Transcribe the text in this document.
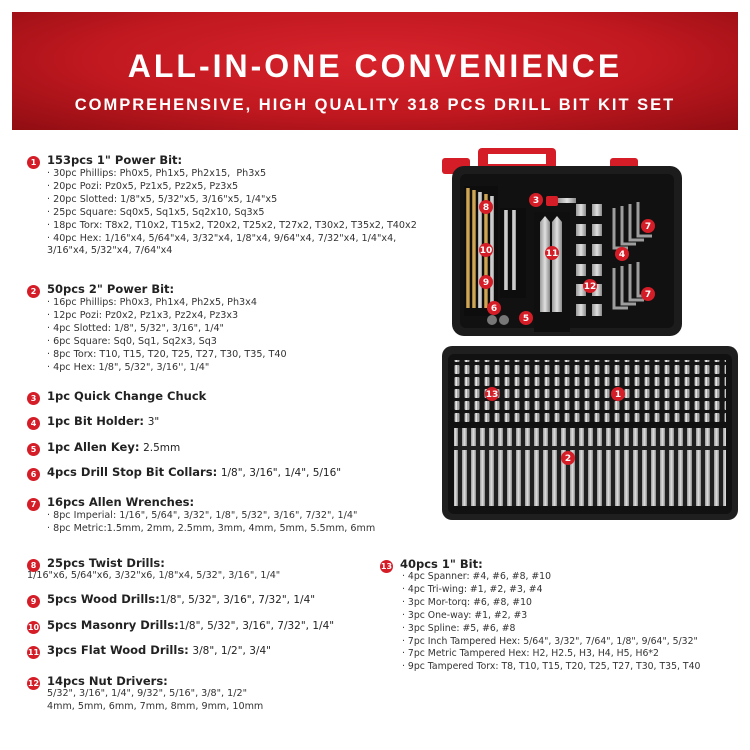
ALL-IN-ONE CONVENIENCE
COMPREHENSIVE, HIGH QUALITY 318 PCS DRILL BIT KIT SET
1 153pcs 1" Power Bit:
· 30pc Phillips: Ph0x5, Ph1x5, Ph2x15,  Ph3x5
· 20pc Pozi: Pz0x5, Pz1x5, Pz2x5, Pz3x5
· 20pc Slotted: 1/8"x5, 5/32"x5, 3/16"x5, 1/4"x5
· 25pc Square: Sq0x5, Sq1x5, Sq2x10, Sq3x5
· 18pc Torx: T8x2, T10x2, T15x2, T20x2, T25x2, T27x2, T30x2, T35x2, T40x2
· 40pc Hex: 1/16"x4, 5/64"x4, 3/32"x4, 1/8"x4, 9/64"x4, 7/32"x4, 1/4"x4,
3/16"x4, 5/32"x4, 7/64"x4
2 50pcs 2" Power Bit:
· 16pc Phillips: Ph0x3, Ph1x4, Ph2x5, Ph3x4
· 12pc Pozi: Pz0x2, Pz1x3, Pz2x4, Pz3x3
· 4pc Slotted: 1/8", 5/32", 3/16", 1/4"
· 6pc Square: Sq0, Sq1, Sq2x3, Sq3
· 8pc Torx: T10, T15, T20, T25, T27, T30, T35, T40
· 4pc Hex: 1/8", 5/32", 3/16'', 1/4"
3 1pc Quick Change Chuck
4 1pc Bit Holder: 3"
5 1pc Allen Key: 2.5mm
6 4pcs Drill Stop Bit Collars: 1/8", 3/16", 1/4", 5/16"
7 16pcs Allen Wrenches:
· 8pc Imperial: 1/16", 5/64", 3/32", 1/8", 5/32", 3/16", 7/32", 1/4"
· 8pc Metric:1.5mm, 2mm, 2.5mm, 3mm, 4mm, 5mm, 5.5mm, 6mm
8 25pcs Twist Drills:
1/16"x6, 5/64"x6, 3/32"x6, 1/8"x4, 5/32", 3/16", 1/4"
9 5pcs Wood Drills:1/8", 5/32", 3/16", 7/32", 1/4"
10 5pcs Masonry Drills:1/8", 5/32", 3/16", 7/32", 1/4"
11 3pcs Flat Wood Drills: 3/8", 1/2", 3/4"
12 14pcs Nut Drivers:
5/32", 3/16", 1/4", 9/32", 5/16", 3/8", 1/2"
4mm, 5mm, 6mm, 7mm, 8mm, 9mm, 10mm
13 40pcs 1" Bit:
· 4pc Spanner: #4, #6, #8, #10
· 4pc Tri-wing: #1, #2, #3, #4
· 3pc Mor-torq: #6, #8, #10
· 3pc One-way: #1, #2, #3
· 3pc Spline: #5, #6, #8
· 7pc Inch Tampered Hex: 5/64", 3/32", 7/64", 1/8", 9/64", 5/32"
· 7pc Metric Tampered Hex: H2, H2.5, H3, H4, H5, H6*2
· 9pc Tampered Torx: T8, T10, T15, T20, T25, T27, T30, T35, T40
8
3
7
10	11	4
9	12
7
6
5
1
13
2
